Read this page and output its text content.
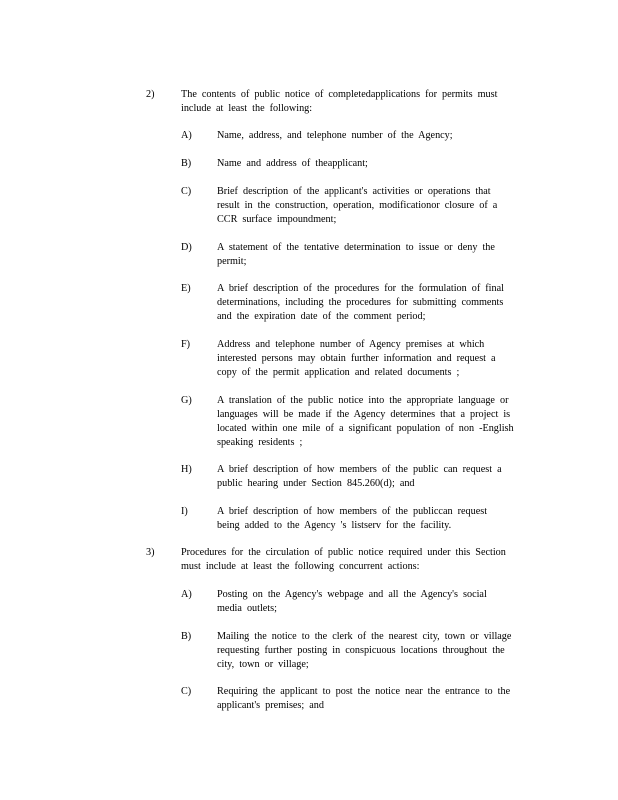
2)	The contents of public notice of completedapplications for permits must
include at least the following:
A) Name, address, and telephone number of the Agency;
B)	Name and address of theapplicant;
C)	Brief description of the applicant's activities or operations that
result in the construction, operation, modificationor closure of a
CCR surface impoundment;
D) A statement of the tentative determination to issue or deny the
permit;
E)	A brief description of the procedures for the formulation of final
determinations, including the procedures for submitting comments
and the expiration date of the comment period;
F)	Address and telephone number of Agency premises at which
interested persons may obtain further information and request a
copy of the permit application and related documents ;
G) A translation of the public notice into the appropriate language or
languages will be made if the Agency determines that a project is
located within one mile of a significant population of non -English
speaking residents ;
H) A brief description of how members of the public can request a
public hearing under Section 845.260(d); and
I)	A brief description of how members of the publiccan request
being added to the Agency 's listserv for the facility.
3)	Procedures for the circulation of public notice required under this Section
must include at least the following concurrent actions:
A) Posting on the Agency's webpage and all the Agency's social
media outlets;
B)	Mailing the notice to the clerk of the nearest city, town or village
requesting further posting in conspicuous locations throughout the
city, town or village;
C)	Requiring the applicant to post the notice near the entrance to the
applicant's premises; and
